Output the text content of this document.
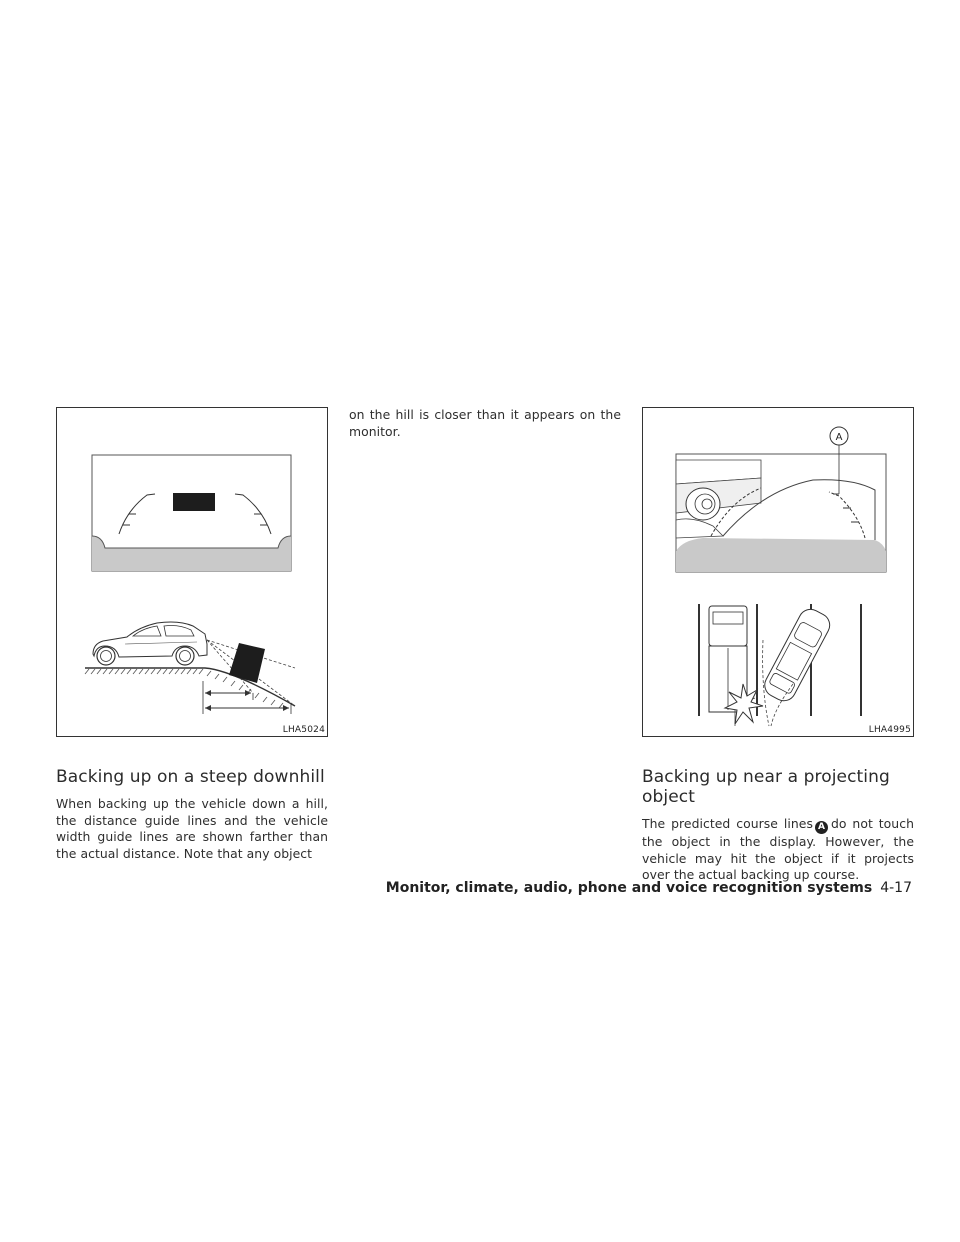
LHA5024
A
LHA4995
Backing up on a steep downhill

When backing up the vehicle down a hill, the distance guide lines and the vehicle width guide lines are shown farther than the actual distance. Note that any object

on the hill is closer than it appears on the monitor.

Backing up near a projecting object

The predicted course lines A do not touch the object in the display. However, the vehicle may hit the object if it projects over the actual backing up course.

Monitor, climate, audio, phone and voice recognition systems 4-17
